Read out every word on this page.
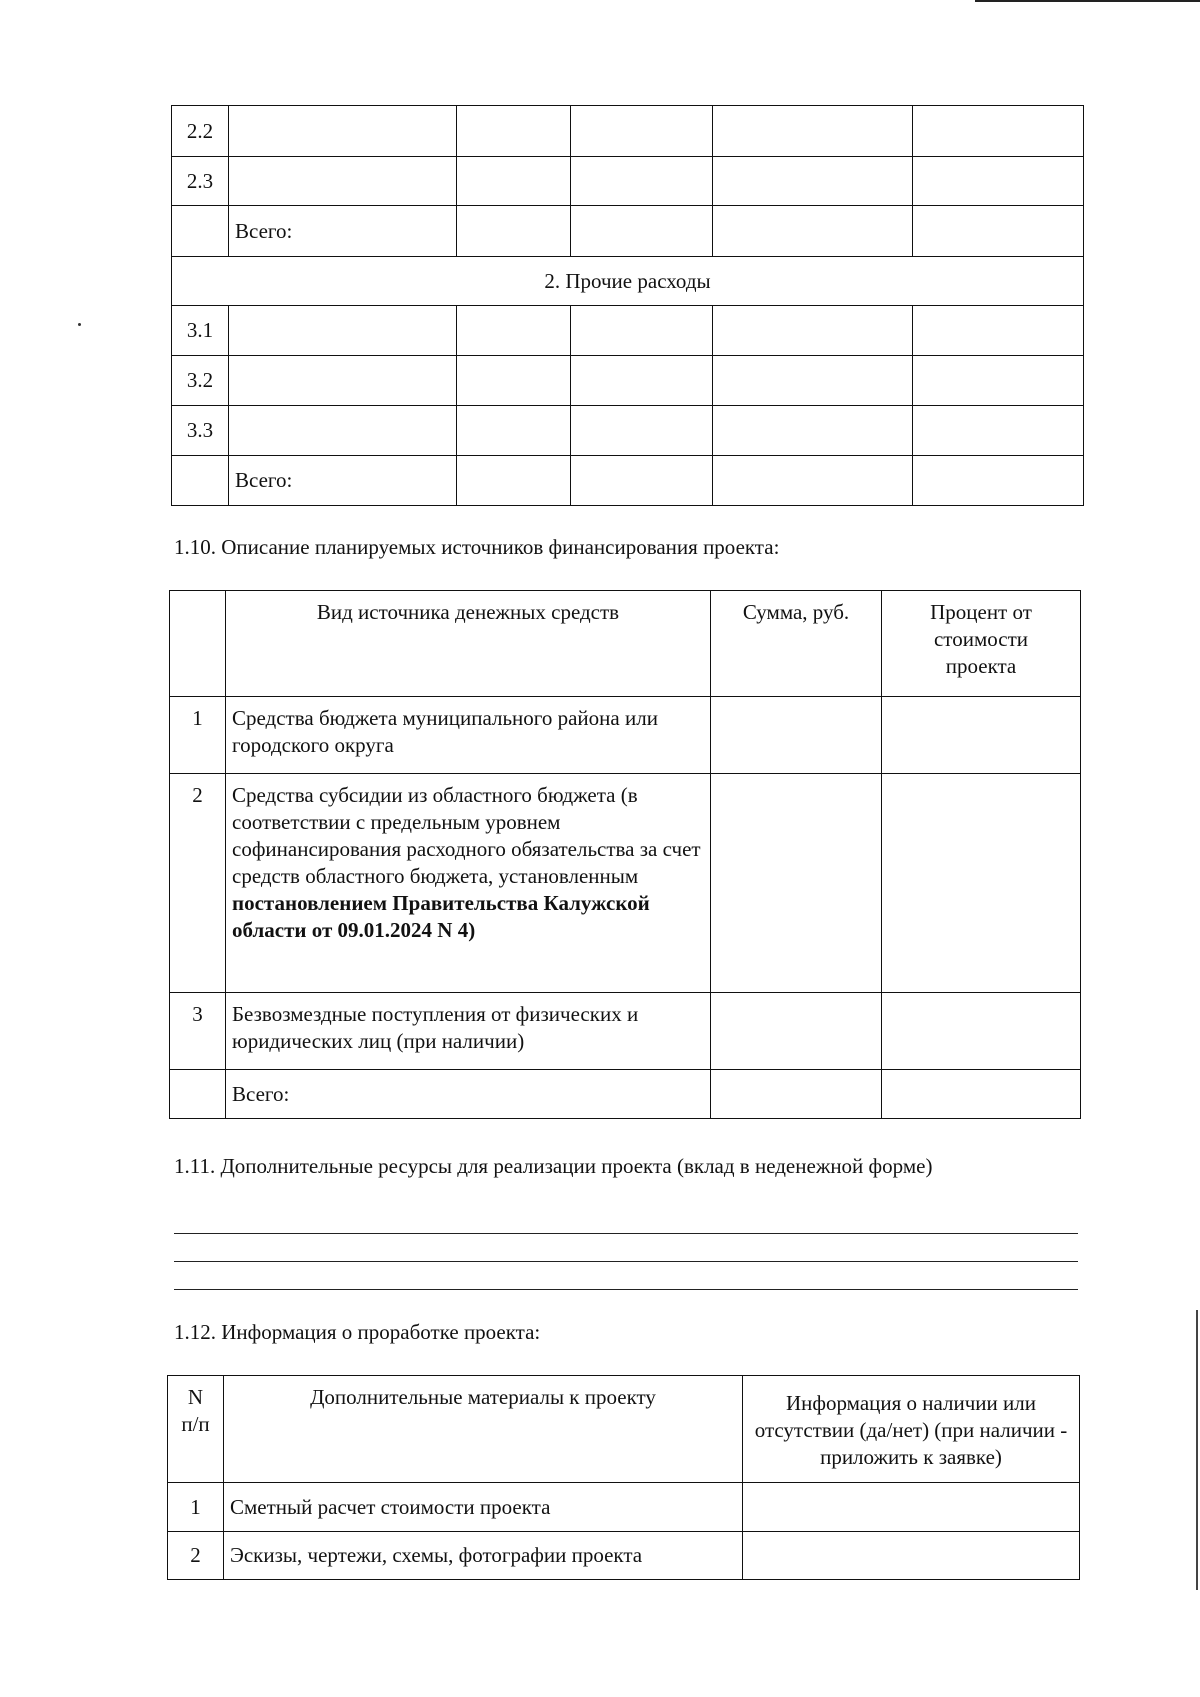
2.2					
2.3					
	Всего:				
2. Прочие расходы					
3.1					
3.2					
3.3					
	Всего:				
1.10. Описание планируемых источников финансирования проекта:
	Вид источника денежных средств	Сумма, руб.	Процент от стоимости проекта
1	Средства бюджета муниципального района или городского округа		
2	Средства субсидии из областного бюджета (в соответствии с предельным уровнем софинансирования расходного обязательства за счет средств областного бюджета, установленным постановлением Правительства Калужской области от 09.01.2024 N 4)		
3	Безвозмездные поступления от физических и юридических лиц (при наличии)		
	Всего:		
1.11. Дополнительные ресурсы для реализации проекта (вклад в неденежной форме)
1.12. Информация о проработке проекта:
N п/п	Дополнительные материалы к проекту	Информация о наличии или отсутствии (да/нет) (при наличии - приложить к заявке)
1	Сметный расчет стоимости проекта	
2	Эскизы, чертежи, схемы, фотографии проекта	
